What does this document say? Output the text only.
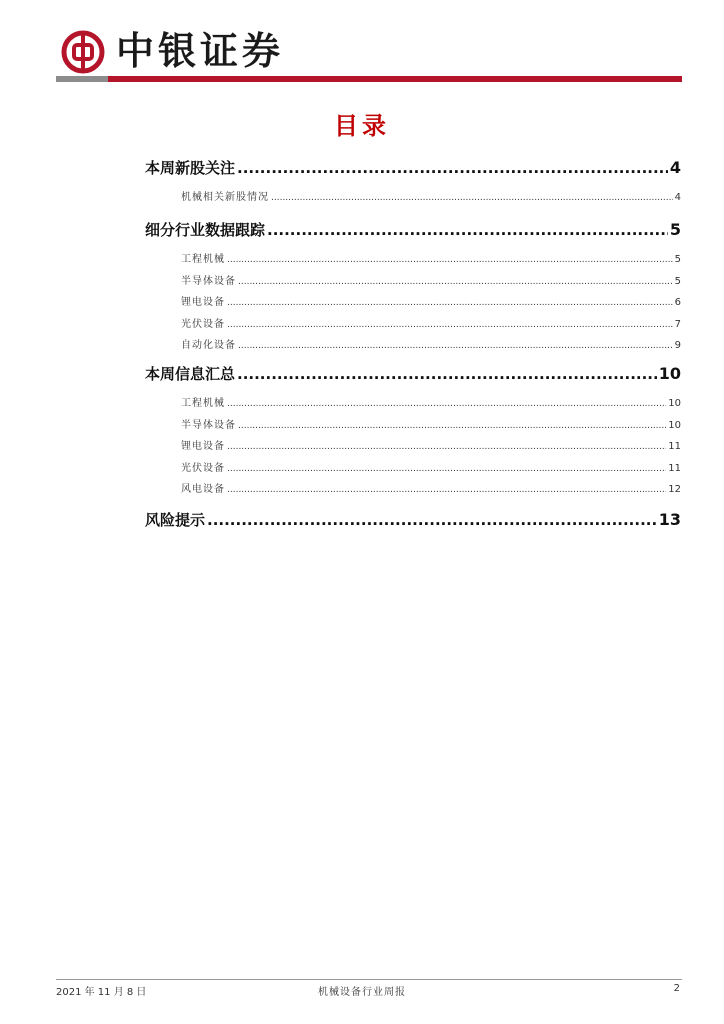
中银证券
目录
本周新股关注 .....	4
机械相关新股情况 .....	4
细分行业数据跟踪 .....	5
工程机械 .....	5
半导体设备 .....	5
锂电设备 .....	6
光伏设备 .....	7
自动化设备 .....	9
本周信息汇总 .....	10
工程机械 .....	10
半导体设备 .....	10
锂电设备 .....	11
光伏设备 .....	11
风电设备 .....	12
风险提示 .....	13
2021 年 11 月 8 日	机械设备行业周报	2
